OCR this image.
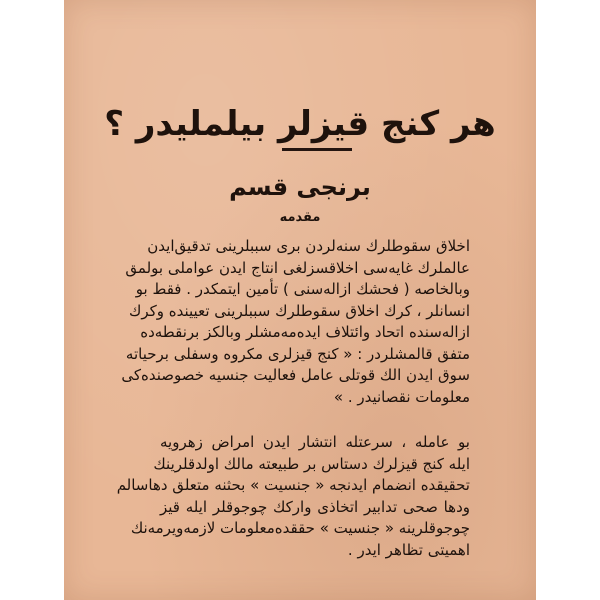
هر کنج قیزلر بیلملیدر ؟
برنجی قسم
مقدمه
اخلاق سقوطلرك سنه‌لردن بری سببلرینی تدقیق‌ایدن
عالملرك غایه‌سی اخلاقسزلغی انتاج ایدن عواملی بولمق
وبالخاصه ( فحشك ازاله‌سنی ) تأمین ایتمکدر . فقط بو
انسانلر ، کرك اخلاق سقوطلرك سببلرینی تعیینده وکرك
ازاله‌سنده اتحاد وائتلاف ایده‌مه‌مشلر وبالکز برنقطه‌ده
متفق قالمشلردر : « کنج قیزلری مکروه وسفلی برحیاته
سوق ایدن الك قوتلی عامل فعالیت جنسیه خصوصنده‌کی
معلومات نقصانیدر . »
بو عامله ، سرعتله انتشار ایدن امراض زهرویه
ایله کنج قیزلرك دستاس بر طبیعته مالك اولدقلرینك
تحقیقده انضمام ایدنجه « جنسیت » بحثنه متعلق دهاسالم
ودها صحی تدابیر اتخاذی وارکك چوجوقلر ایله قیز
چوجوقلرینه « جنسیت » حققده‌معلومات لازمه‌ویرمه‌نك
اهمیتی تظاهر ایدر .
